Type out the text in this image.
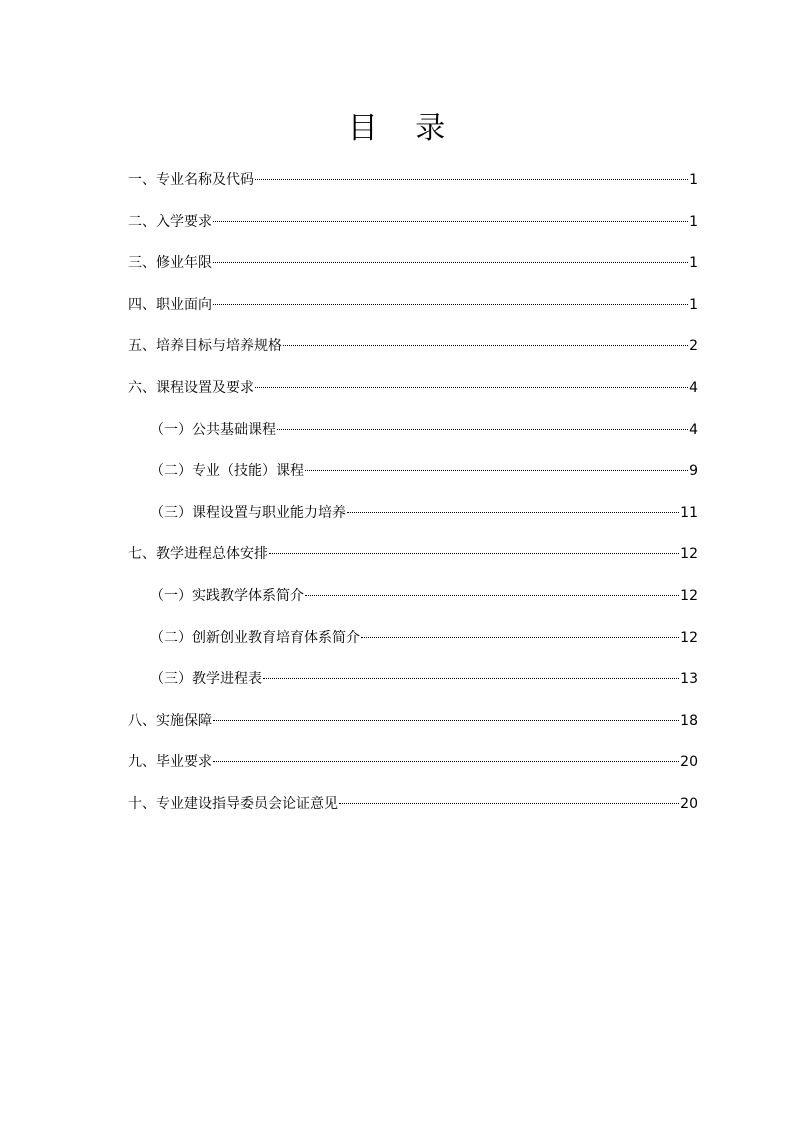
目 录
一、专业名称及代码	1
二、入学要求	1
三、修业年限	1
四、职业面向	1
五、培养目标与培养规格	2
六、课程设置及要求	4
（一）公共基础课程	4
（二）专业（技能）课程	9
（三）课程设置与职业能力培养	11
七、教学进程总体安排	12
（一）实践教学体系简介	12
（二）创新创业教育培育体系简介	12
（三）教学进程表	13
八、实施保障	18
九、毕业要求	20
十、专业建设指导委员会论证意见	20
